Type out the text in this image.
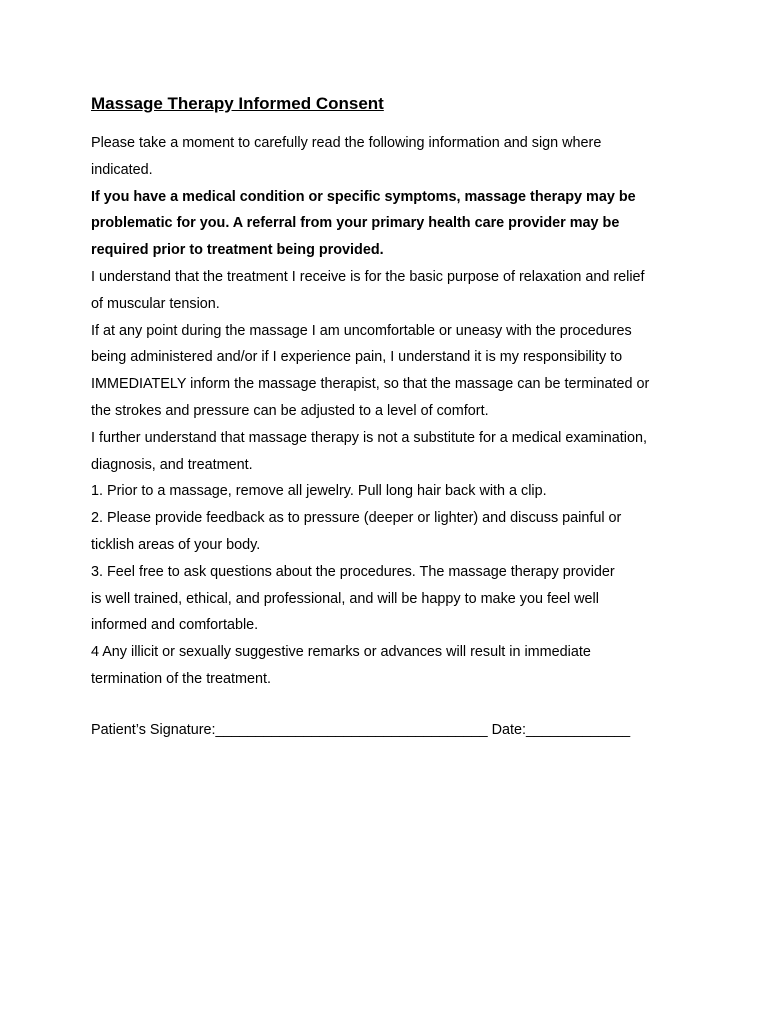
Massage Therapy Informed Consent

Please take a moment to carefully read the following information and sign where

indicated.

If you have a medical condition or specific symptoms, massage therapy may be

problematic for you. A referral from your primary health care provider may be

required prior to treatment being provided.

I understand that the treatment I receive is for the basic purpose of relaxation and relief

of muscular tension.

If at any point during the massage I am uncomfortable or uneasy with the procedures

being administered and/or if I experience pain, I understand it is my responsibility to

IMMEDIATELY inform the massage therapist, so that the massage can be terminated or

the strokes and pressure can be adjusted to a level of comfort.

I further understand that massage therapy is not a substitute for a medical examination,

diagnosis, and treatment.

1. Prior to a massage, remove all jewelry. Pull long hair back with a clip.

2. Please provide feedback as to pressure (deeper or lighter) and discuss painful or

ticklish areas of your body.

3. Feel free to ask questions about the procedures. The massage therapy provider

is well trained, ethical, and professional, and will be happy to make you feel well

informed and comfortable.

4 Any illicit or sexually suggestive remarks or advances will result in immediate

termination of the treatment.

Patient’s Signature:__________________________________ Date:_____________
